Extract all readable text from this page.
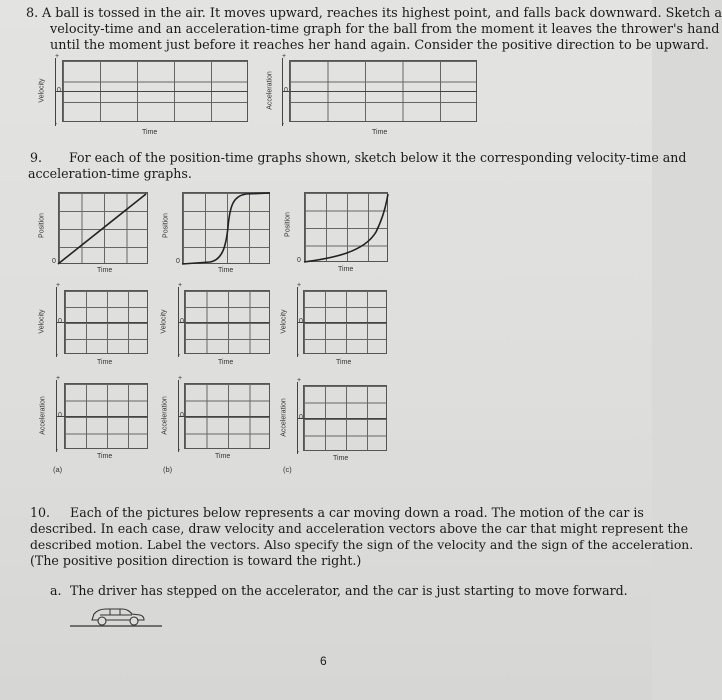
8. A ball is tossed in the air. It moves upward, reaches its highest point, and falls back downward. Sketch a
velocity-time and an acceleration-time graph for the ball from the moment it leaves the thrower's hand
until the moment just before it reaches her hand again. Consider the positive direction to be upward.
+
-
0
Velocity
Time
+
-
0
Acceleration
Time
9. For each of the position-time graphs shown, sketch below it the corresponding velocity-time and
acceleration-time graphs.
0
Position
Time
0
Position
Time
0
Position
Time
+
-
0
Velocity
Time
+
-
0
Velocity
Time
+
-
0
Velocity
Time
+
-
0
Acceleration
Time
+
-
0
Acceleration
Time
+
-
0
Acceleration
Time
(a)	(b)	(c)
10. Each of the pictures below represents a car moving down a road. The motion of the car is
described. In each case, draw velocity and acceleration vectors above the car that might represent the
described motion. Label the vectors. Also specify the sign of the velocity and the sign of the acceleration.
(The positive position direction is toward the right.)
a. The driver has stepped on the accelerator, and the car is just starting to move forward.
6
